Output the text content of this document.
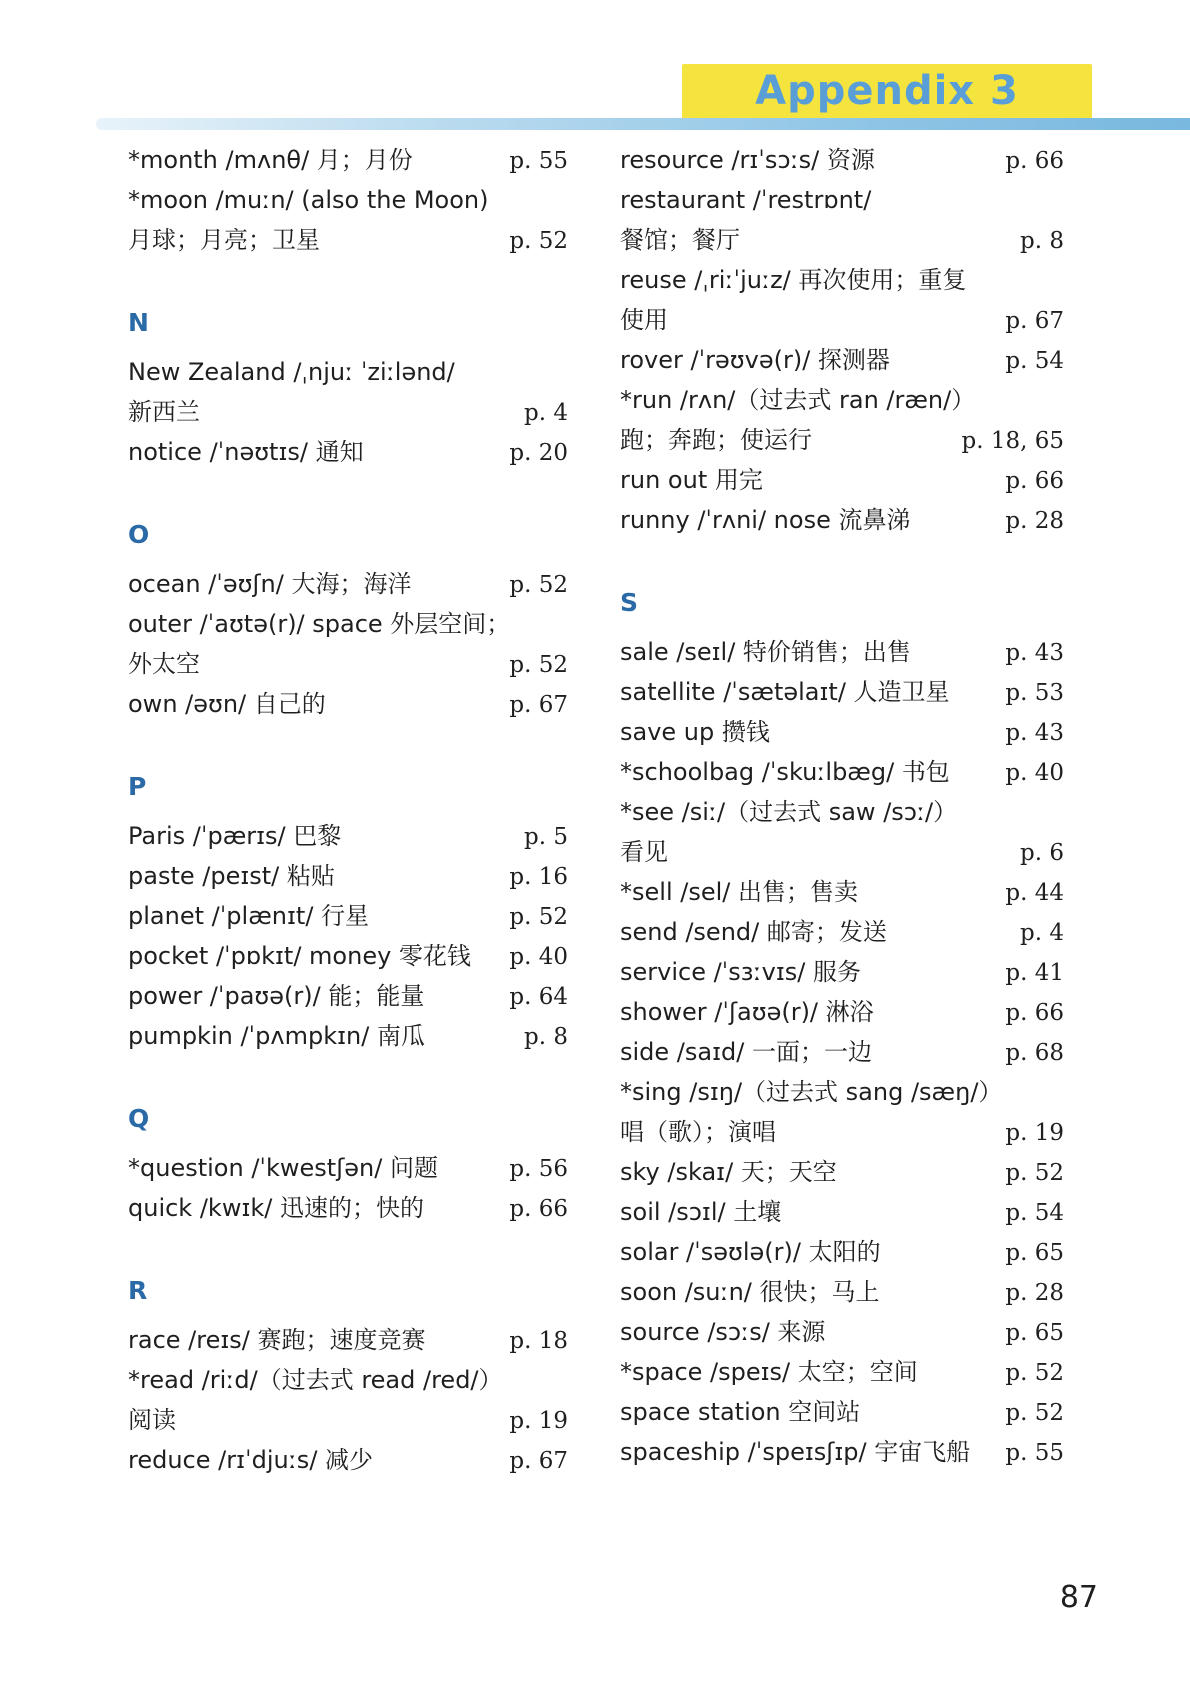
Appendix 3
*month /mʌnθ/ 月；月份	p. 55
*moon /muːn/ (also the Moon)
月球；月亮；卫星	p. 52
N
New Zealand /ˌnjuː ˈziːlənd/
新西兰	p. 4
notice /ˈnəʊtɪs/ 通知	p. 20
O
ocean /ˈəʊʃn/ 大海；海洋	p. 52
outer /ˈaʊtə(r)/ space 外层空间；
外太空	p. 52
own /əʊn/ 自己的	p. 67
P
Paris /ˈpærɪs/ 巴黎	p. 5
paste /peɪst/ 粘贴	p. 16
planet /ˈplænɪt/ 行星	p. 52
pocket /ˈpɒkɪt/ money 零花钱	p. 40
power /ˈpaʊə(r)/ 能；能量	p. 64
pumpkin /ˈpʌmpkɪn/ 南瓜	p. 8
Q
*question /ˈkwestʃən/ 问题	p. 56
quick /kwɪk/ 迅速的；快的	p. 66
R
race /reɪs/ 赛跑；速度竞赛	p. 18
*read /riːd/（过去式 read /red/）
阅读	p. 19
reduce /rɪˈdjuːs/ 减少	p. 67
resource /rɪˈsɔːs/ 资源	p. 66
restaurant /ˈrestrɒnt/
餐馆；餐厅	p. 8
reuse /ˌriːˈjuːz/ 再次使用；重复
使用	p. 67
rover /ˈrəʊvə(r)/ 探测器	p. 54
*run /rʌn/（过去式 ran /ræn/）
跑；奔跑；使运行	p. 18, 65
run out 用完	p. 66
runny /ˈrʌni/ nose 流鼻涕	p. 28
S
sale /seɪl/ 特价销售；出售	p. 43
satellite /ˈsætəlaɪt/ 人造卫星	p. 53
save up 攒钱	p. 43
*schoolbag /ˈskuːlbæg/ 书包	p. 40
*see /siː/（过去式 saw /sɔː/）
看见	p. 6
*sell /sel/ 出售；售卖	p. 44
send /send/ 邮寄；发送	p. 4
service /ˈsɜːvɪs/ 服务	p. 41
shower /ˈʃaʊə(r)/ 淋浴	p. 66
side /saɪd/ 一面；一边	p. 68
*sing /sɪŋ/（过去式 sang /sæŋ/）
唱（歌）；演唱	p. 19
sky /skaɪ/ 天；天空	p. 52
soil /sɔɪl/ 土壤	p. 54
solar /ˈsəʊlə(r)/ 太阳的	p. 65
soon /suːn/ 很快；马上	p. 28
source /sɔːs/ 来源	p. 65
*space /speɪs/ 太空；空间	p. 52
space station 空间站	p. 52
spaceship /ˈspeɪsʃɪp/ 宇宙飞船	p. 55
87
